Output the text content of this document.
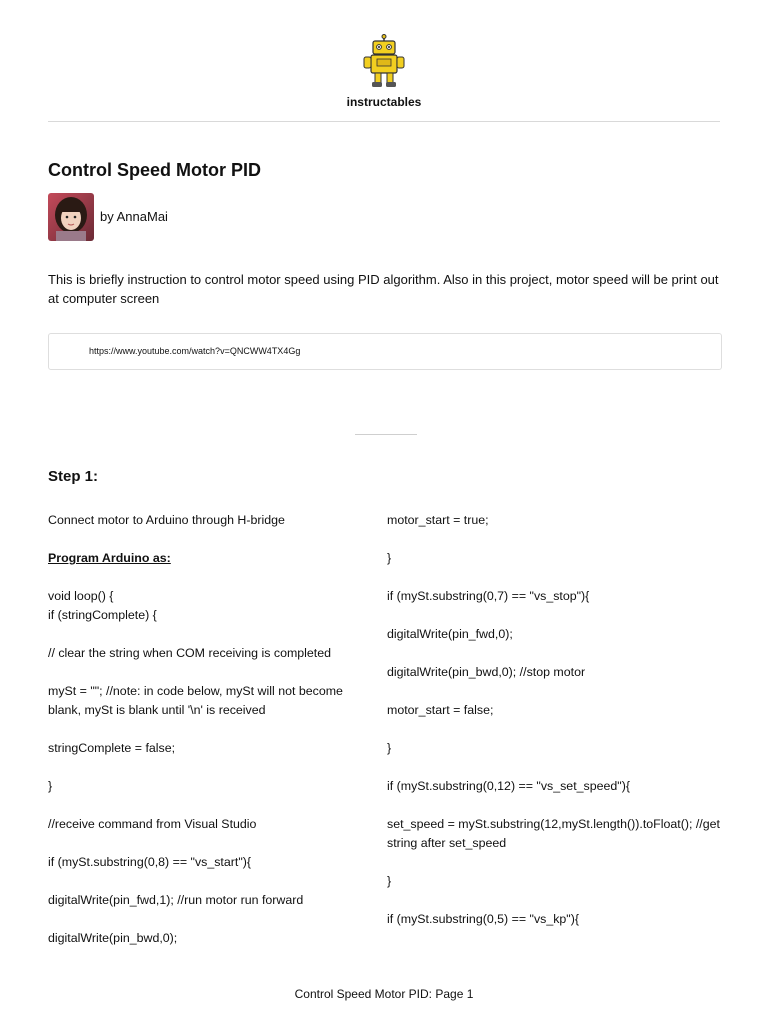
instructables
Control Speed Motor PID
by AnnaMai

This is briefly instruction to control motor speed using PID algorithm. Also in this project, motor speed will be print out at computer screen

https://www.youtube.com/watch?v=QNCWW4TX4Gg
Step 1:

Connect motor to Arduino through H-bridge

Program Arduino as:

void loop() {

if (stringComplete) {

// clear the string when COM receiving is completed

mySt = ""; //note: in code below, mySt will not become blank, mySt is blank until '\n' is received

stringComplete = false;

}

//receive command from Visual Studio

if (mySt.substring(0,8) == "vs_start"){

digitalWrite(pin_fwd,1); //run motor run forward

digitalWrite(pin_bwd,0);

motor_start = true;

}

if (mySt.substring(0,7) == "vs_stop"){

digitalWrite(pin_fwd,0);

digitalWrite(pin_bwd,0); //stop motor

motor_start = false;

}

if (mySt.substring(0,12) == "vs_set_speed"){

set_speed = mySt.substring(12,mySt.length()).toFloat(); //get string after set_speed

}

if (mySt.substring(0,5) == "vs_kp"){

Control Speed Motor PID: Page 1
